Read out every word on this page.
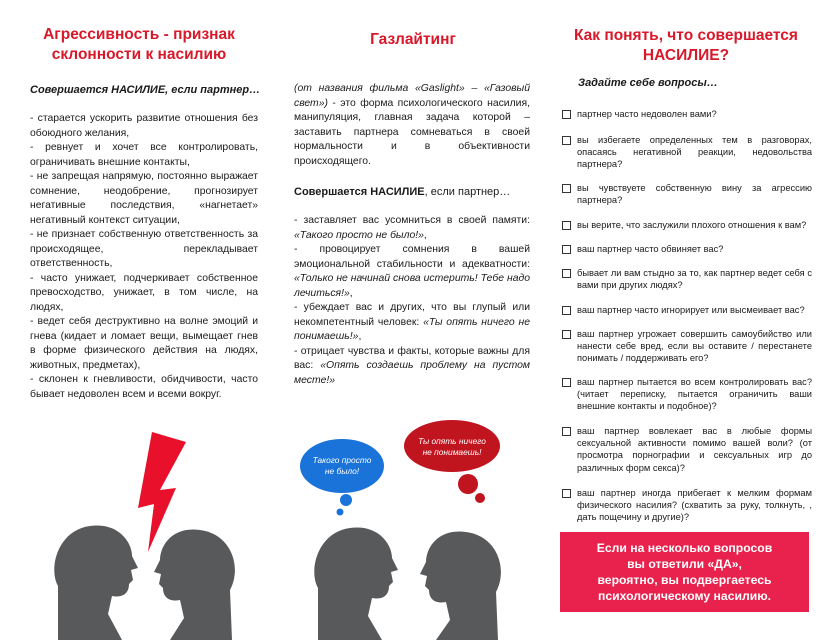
Агрессивность - признак
склонности к насилию
Совершается НАСИЛИЕ, если партнер…

- старается ускорить развитие отношения без обоюдного желания,

- ревнует и хочет все контролировать, ограничивать внешние контакты,

- не запрещая напрямую, постоянно выражает сомнение, неодобрение, прогнозирует негативные последствия, «нагнетает» негативный контекст ситуации,

- не признает собственную ответственность за происходящее, перекладывает ответственность,

- часто унижает, подчеркивает собственное превосходство, унижает, в том числе, на людях,

- ведет себя деструктивно на волне эмоций и гнева (кидает и ломает вещи, вымещает гнев в форме физического действия на людях, животных, предметах),

- склонен к гневливости, обидчивости, часто бывает недоволен всем и всеми вокруг.

Газлайтинг
(от названия фильма «Gaslight» – «Газовый свет») - это форма психологического насилия, манипуляция, главная задача которой – заставить партнера сомневаться в своей нормальности и в объективности происходящего.
Совершается НАСИЛИЕ, если партнер…

- заставляет вас усомниться в своей памяти: «Такого просто не было!»,

- провоцирует сомнения в вашей эмоциональной стабильности и адекватности: «Только не начинай снова истерить! Тебе надо лечиться!»,

- убеждает вас и других, что вы глупый или некомпетентный человек: «Ты опять ничего не понимаешь!»,

- отрицает чувства и факты, которые важны для вас: «Опять создаешь проблему на пустом месте!»

Такого просто
не было!
Ты опять ничего
не понимаешь!
Как понять, что совершается
НАСИЛИЕ?
Задайте себе вопросы…
партнер часто недоволен вами?
вы избегаете определенных тем в разговорах, опасаясь негативной реакции, недовольства партнера?
вы чувствуете собственную вину за агрессию партнера?
вы верите, что заслужили плохого отношения к вам?
ваш партнер часто обвиняет вас?
бывает ли вам стыдно за то, как партнер ведет себя с вами при других людях?
ваш партнер часто игнорирует или высмеивает вас?
ваш партнер угрожает совершить самоубийство или нанести себе вред, если вы оставите / перестанете понимать / поддерживать его?
ваш партнер пытается во всем контролировать вас? (читает переписку, пытается ограничить ваши внешние контакты и подобное)?
ваш партнер вовлекает вас в любые формы сексуальной активности помимо вашей воли? (от просмотра порнографии и сексуальных игр до различных форм секса)?
ваш партнер иногда прибегает к мелким формам физического насилия? (схватить за руку, толкнуть, , дать пощечину и другие)?
Если на несколько вопросов
вы ответили «ДА»,
вероятно, вы подвергаетесь
психологическому насилию.
